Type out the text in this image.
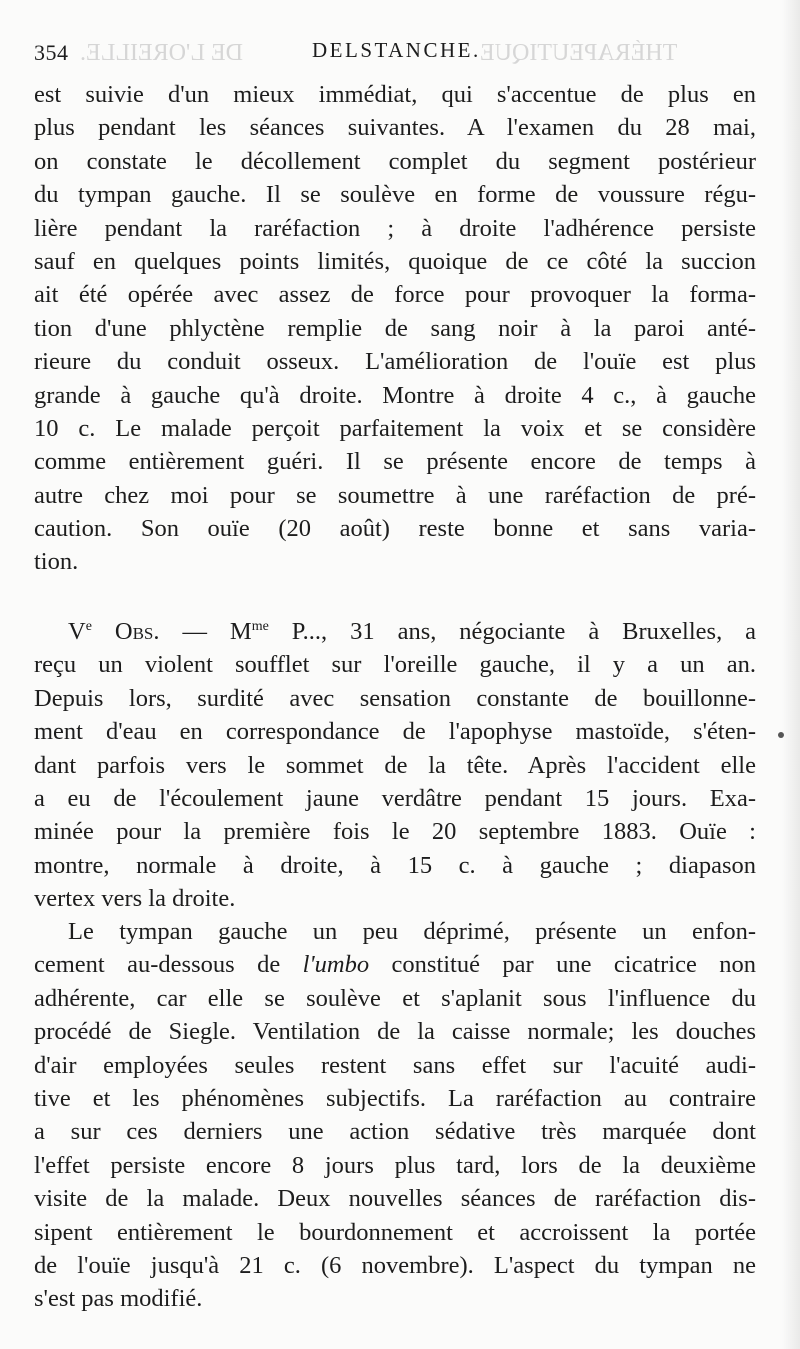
DE L'OREILLE.	THÉRAPEUTIQUE
354	DELSTANCHE.
est suivie d'un mieux immédiat, qui s'accentue de plus en
plus pendant les séances suivantes. A l'examen du 28 mai,
on constate le décollement complet du segment postérieur
du tympan gauche. Il se soulève en forme de voussure régu-
lière pendant la raréfaction ; à droite l'adhérence persiste
sauf en quelques points limités, quoique de ce côté la succion
ait été opérée avec assez de force pour provoquer la forma-
tion d'une phlyctène remplie de sang noir à la paroi anté-
rieure du conduit osseux. L'amélioration de l'ouïe est plus
grande à gauche qu'à droite. Montre à droite 4 c., à gauche
10 c. Le malade perçoit parfaitement la voix et se considère
comme entièrement guéri. Il se présente encore de temps à
autre chez moi pour se soumettre à une raréfaction de pré-
caution. Son ouïe (20 août) reste bonne et sans varia-
tion.
Ve Obs. — $M^{me}$ P..., 31 ans, négociante à Bruxelles, a
reçu un violent soufflet sur l'oreille gauche, il y a un an.
Depuis lors, surdité avec sensation constante de bouillonne-
ment d'eau en correspondance de l'apophyse mastoïde, s'éten-
dant parfois vers le sommet de la tête. Après l'accident elle
a eu de l'écoulement jaune verdâtre pendant 15 jours. Exa-
minée pour la première fois le 20 septembre 1883. Ouïe :
montre, normale à droite, à 15 c. à gauche ; diapason
vertex vers la droite.
Le tympan gauche un peu déprimé, présente un enfon-
cement au-dessous de l'umbo constitué par une cicatrice non
adhérente, car elle se soulève et s'aplanit sous l'influence du
procédé de Siegle. Ventilation de la caisse normale; les douches
d'air employées seules restent sans effet sur l'acuité audi-
tive et les phénomènes subjectifs. La raréfaction au contraire
a sur ces derniers une action sédative très marquée dont
l'effet persiste encore 8 jours plus tard, lors de la deuxième
visite de la malade. Deux nouvelles séances de raréfaction dis-
sipent entièrement le bourdonnement et accroissent la portée
de l'ouïe jusqu'à 21 c. (6 novembre). L'aspect du tympan ne
s'est pas modifié.
